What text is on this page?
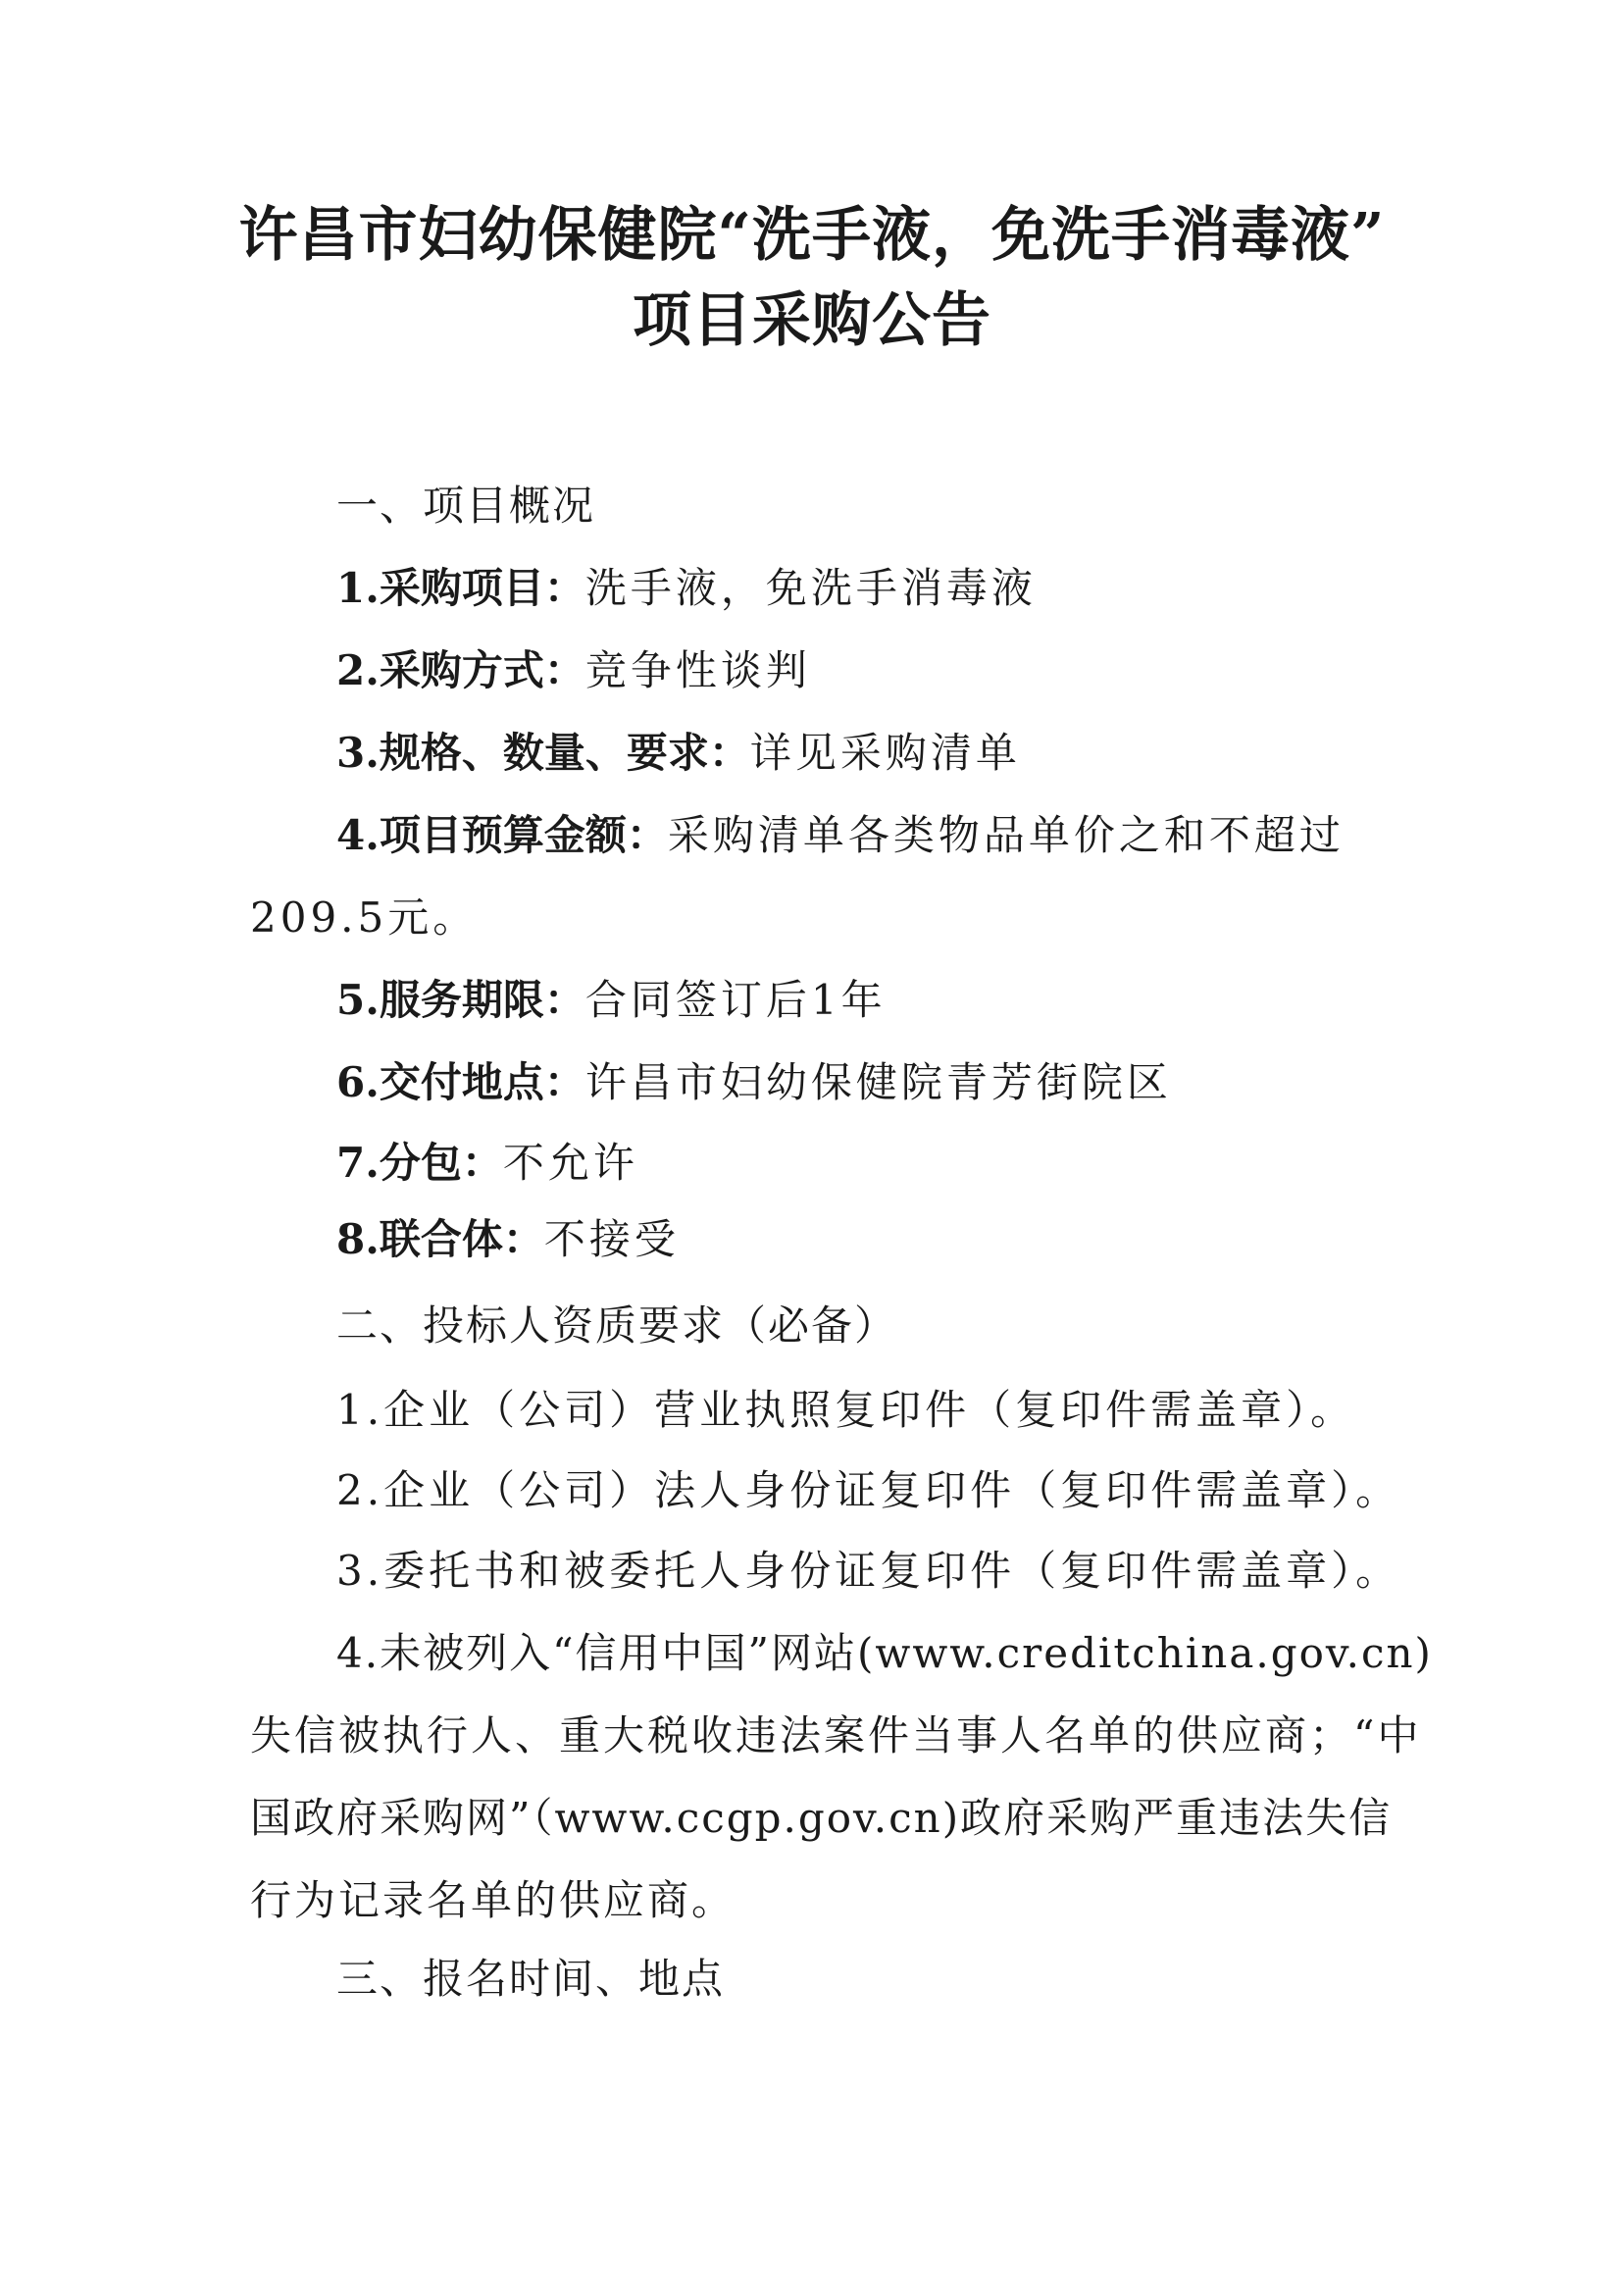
许昌市妇幼保健院“洗手液，免洗手消毒液”
项目采购公告

一、项目概况

1.采购项目：洗手液，免洗手消毒液

2.采购方式：竞争性谈判

3.规格、数量、要求：详见采购清单

4.项目预算金额：采购清单各类物品单价之和不超过

209.5元。

5.服务期限：合同签订后1年

6.交付地点：许昌市妇幼保健院青芳街院区

7.分包：不允许

8.联合体：不接受

二、投标人资质要求（必备）

1.企业（公司）营业执照复印件（复印件需盖章）。

2.企业（公司）法人身份证复印件（复印件需盖章）。

3.委托书和被委托人身份证复印件（复印件需盖章）。

4.未被列入“信用中国”网站(www.creditchina.gov.cn)

失信被执行人、重大税收违法案件当事人名单的供应商；“中

国政府采购网”（www.ccgp.gov.cn)政府采购严重违法失信

行为记录名单的供应商。

三、报名时间、地点
